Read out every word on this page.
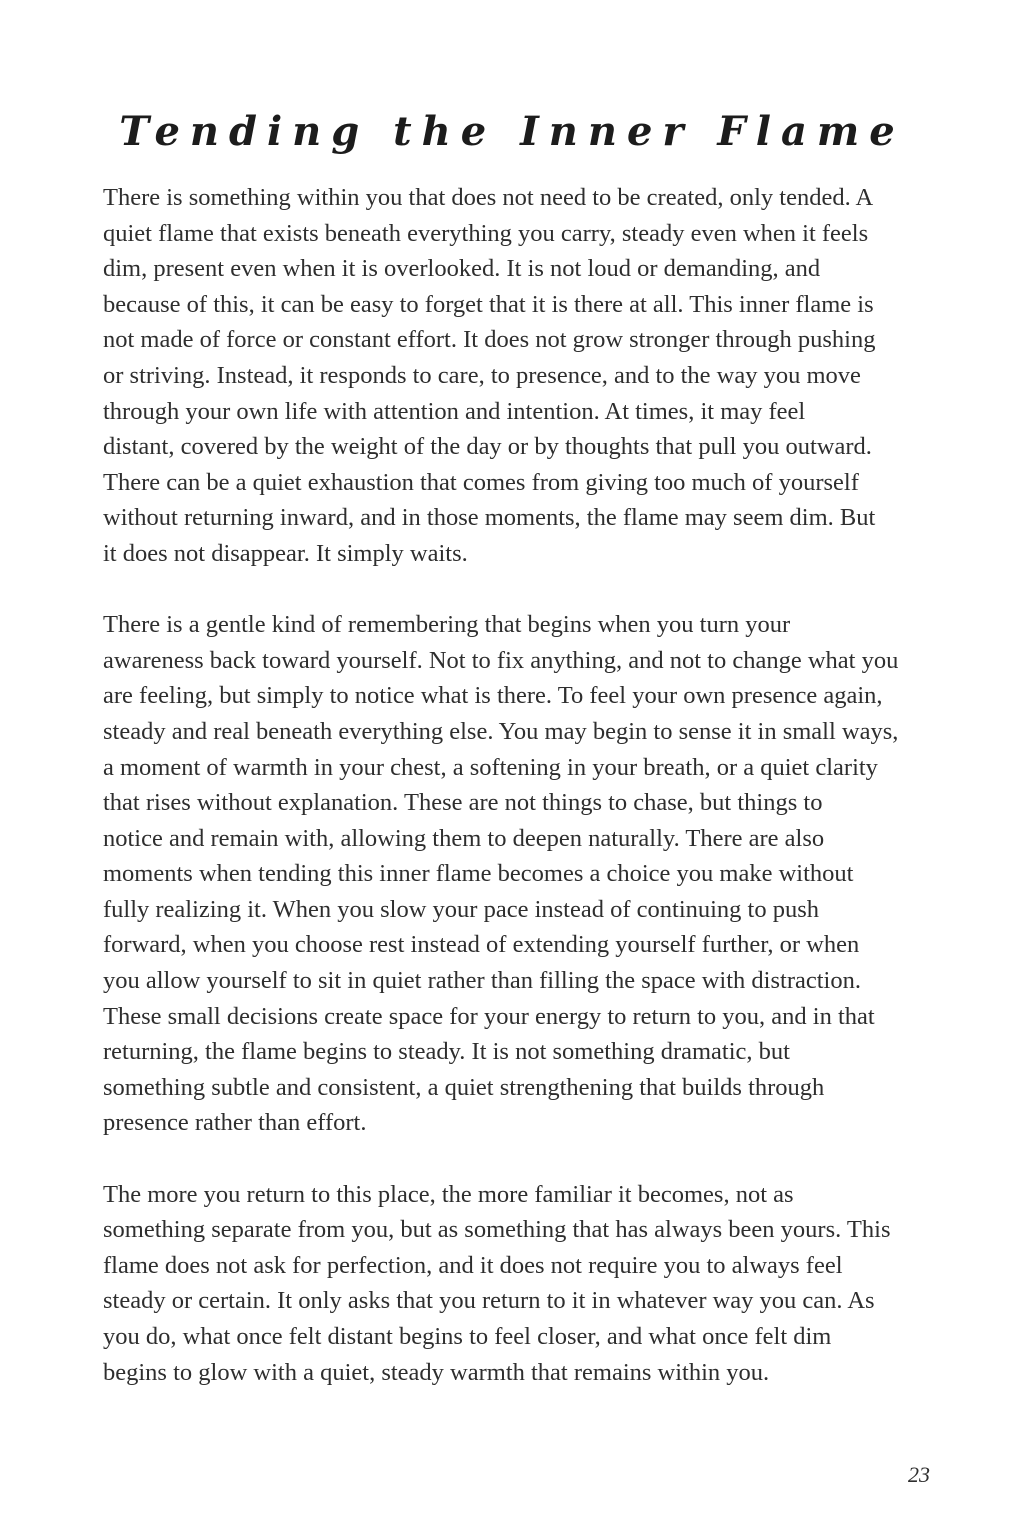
Tending the Inner Flame

There is something within you that does not need to be created, only tended. A
quiet flame that exists beneath everything you carry, steady even when it feels
dim, present even when it is overlooked. It is not loud or demanding, and
because of this, it can be easy to forget that it is there at all. This inner flame is
not made of force or constant effort. It does not grow stronger through pushing
or striving. Instead, it responds to care, to presence, and to the way you move
through your own life with attention and intention. At times, it may feel
distant, covered by the weight of the day or by thoughts that pull you outward.
There can be a quiet exhaustion that comes from giving too much of yourself
without returning inward, and in those moments, the flame may seem dim. But
it does not disappear. It simply waits.

There is a gentle kind of remembering that begins when you turn your
awareness back toward yourself. Not to fix anything, and not to change what you
are feeling, but simply to notice what is there. To feel your own presence again,
steady and real beneath everything else. You may begin to sense it in small ways,
a moment of warmth in your chest, a softening in your breath, or a quiet clarity
that rises without explanation. These are not things to chase, but things to
notice and remain with, allowing them to deepen naturally. There are also
moments when tending this inner flame becomes a choice you make without
fully realizing it. When you slow your pace instead of continuing to push
forward, when you choose rest instead of extending yourself further, or when
you allow yourself to sit in quiet rather than filling the space with distraction.
These small decisions create space for your energy to return to you, and in that
returning, the flame begins to steady. It is not something dramatic, but
something subtle and consistent, a quiet strengthening that builds through
presence rather than effort.

The more you return to this place, the more familiar it becomes, not as
something separate from you, but as something that has always been yours. This
flame does not ask for perfection, and it does not require you to always feel
steady or certain. It only asks that you return to it in whatever way you can. As
you do, what once felt distant begins to feel closer, and what once felt dim
begins to glow with a quiet, steady warmth that remains within you.

23
